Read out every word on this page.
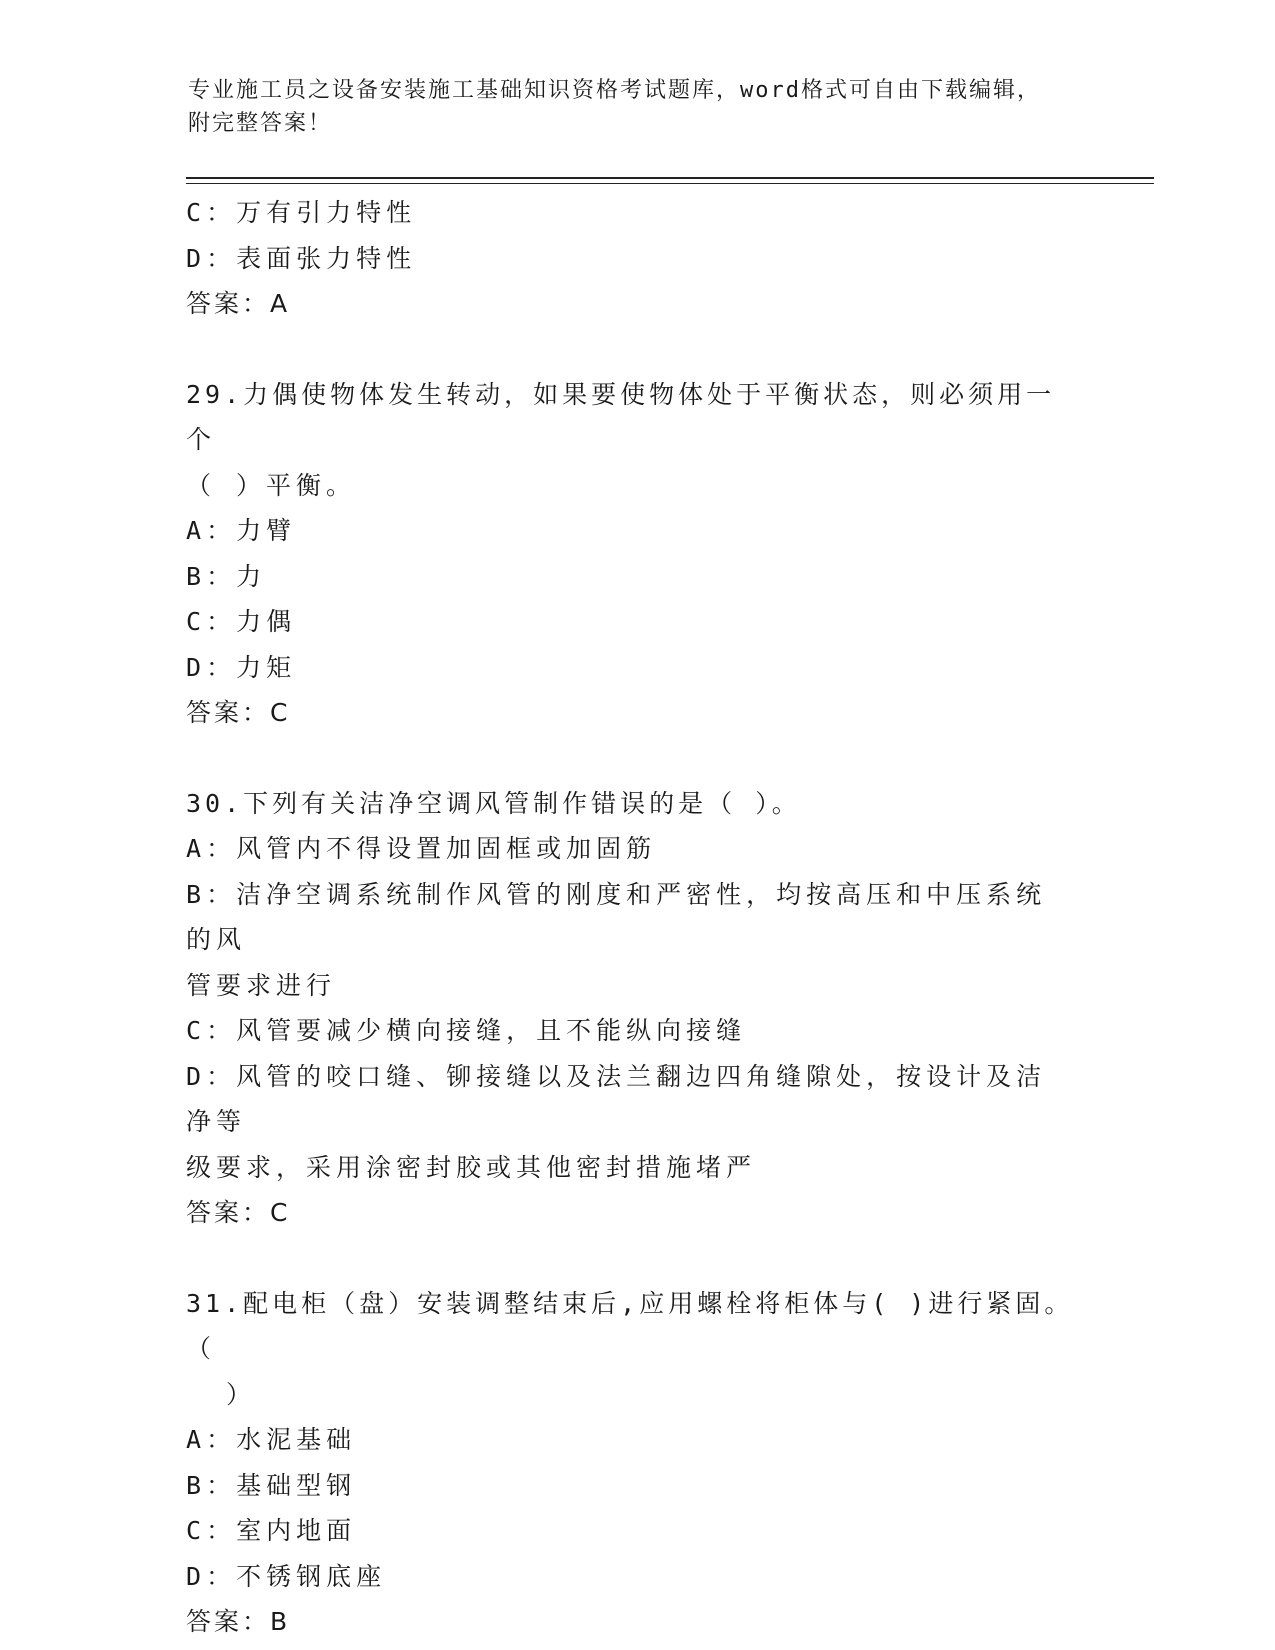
专业施工员之设备安装施工基础知识资格考试题库，word格式可自由下载编辑，
附完整答案！
C：万有引力特性
D：表面张力特性
答案：A
29.力偶使物体发生转动，如果要使物体处于平衡状态，则必须用一个
（ ）平衡。
A：力臂
B：力
C：力偶
D：力矩
答案：C
30.下列有关洁净空调风管制作错误的是（ ）。
A：风管内不得设置加固框或加固筋
B：洁净空调系统制作风管的刚度和严密性，均按高压和中压系统的风
管要求进行
C：风管要减少横向接缝，且不能纵向接缝
D：风管的咬口缝、铆接缝以及法兰翻边四角缝隙处，按设计及洁净等
级要求，采用涂密封胶或其他密封措施堵严
答案：C
31.配电柜（盘）安装调整结束后,应用螺栓将柜体与( )进行紧固。（
）
A：水泥基础
B：基础型钢
C：室内地面
D：不锈钢底座
答案：B
